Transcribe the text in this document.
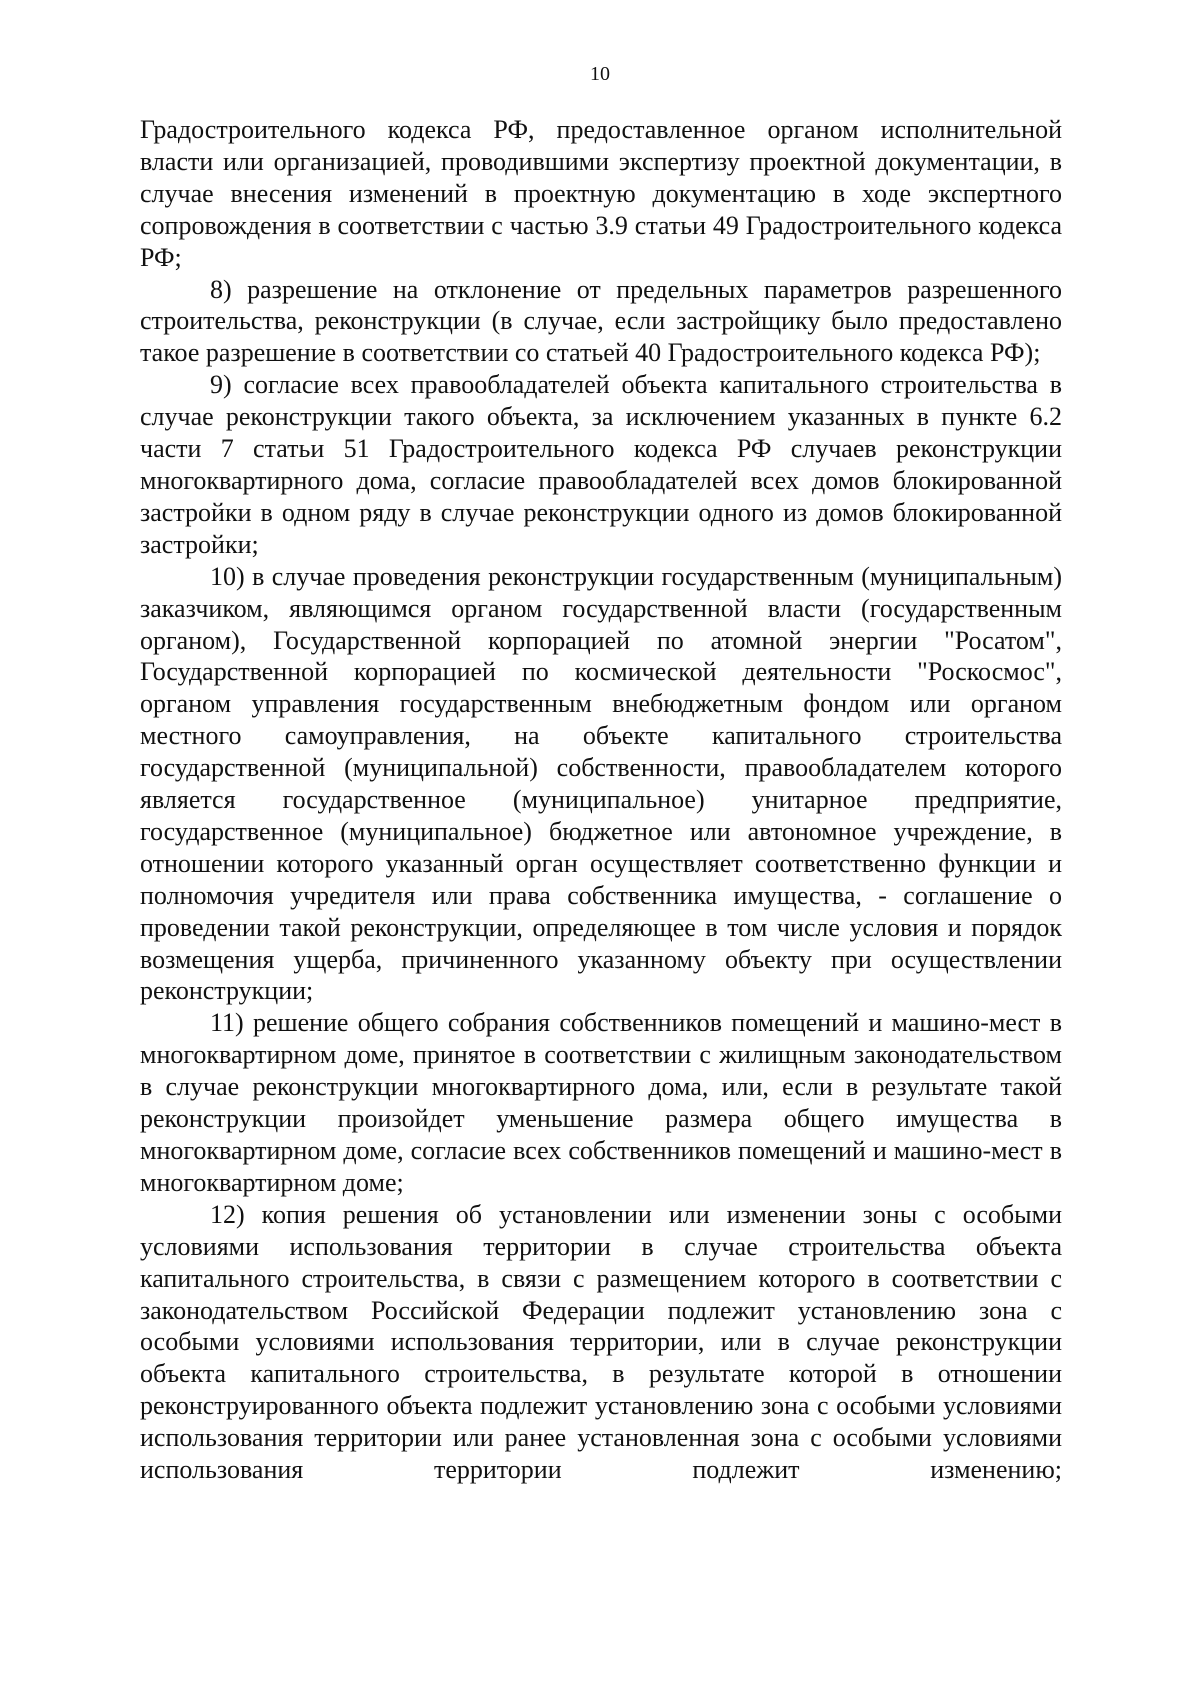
10

Градостроительного кодекса РФ, предоставленное органом исполнительной власти или организацией, проводившими экспертизу проектной документации, в случае внесения изменений в проектную документацию в ходе экспертного сопровождения в соответствии с частью 3.9 статьи 49 Градостроительного кодекса РФ;

8) разрешение на отклонение от предельных параметров разрешенного строительства, реконструкции (в случае, если застройщику было предоставлено такое разрешение в соответствии со статьей 40 Градостроительного кодекса РФ);

9) согласие всех правообладателей объекта капитального строительства в случае реконструкции такого объекта, за исключением указанных в пункте 6.2 части 7 статьи 51 Градостроительного кодекса РФ случаев реконструкции многоквартирного дома, согласие правообладателей всех домов блокированной застройки в одном ряду в случае реконструкции одного из домов блокированной застройки;

10) в случае проведения реконструкции государственным (муниципальным) заказчиком, являющимся органом государственной власти (государственным органом), Государственной корпорацией по атомной энергии "Росатом", Государственной корпорацией по космической деятельности "Роскосмос", органом управления государственным внебюджетным фондом или органом местного самоуправления, на объекте капитального строительства государственной (муниципальной) собственности, правообладателем которого является государственное (муниципальное) унитарное предприятие, государственное (муниципальное) бюджетное или автономное учреждение, в отношении которого указанный орган осуществляет соответственно функции и полномочия учредителя или права собственника имущества, - соглашение о проведении такой реконструкции, определяющее в том числе условия и порядок возмещения ущерба, причиненного указанному объекту при осуществлении реконструкции;

11) решение общего собрания собственников помещений и машино-мест в многоквартирном доме, принятое в соответствии с жилищным законодательством в случае реконструкции многоквартирного дома, или, если в результате такой реконструкции произойдет уменьшение размера общего имущества в многоквартирном доме, согласие всех собственников помещений и машино-мест в многоквартирном доме;

12) копия решения об установлении или изменении зоны с особыми условиями использования территории в случае строительства объекта капитального строительства, в связи с размещением которого в соответствии с законодательством Российской Федерации подлежит установлению зона с особыми условиями использования территории, или в случае реконструкции объекта капитального строительства, в результате которой в отношении реконструированного объекта подлежит установлению зона с особыми условиями использования территории или ранее установленная зона с особыми условиями использования территории подлежит изменению;
